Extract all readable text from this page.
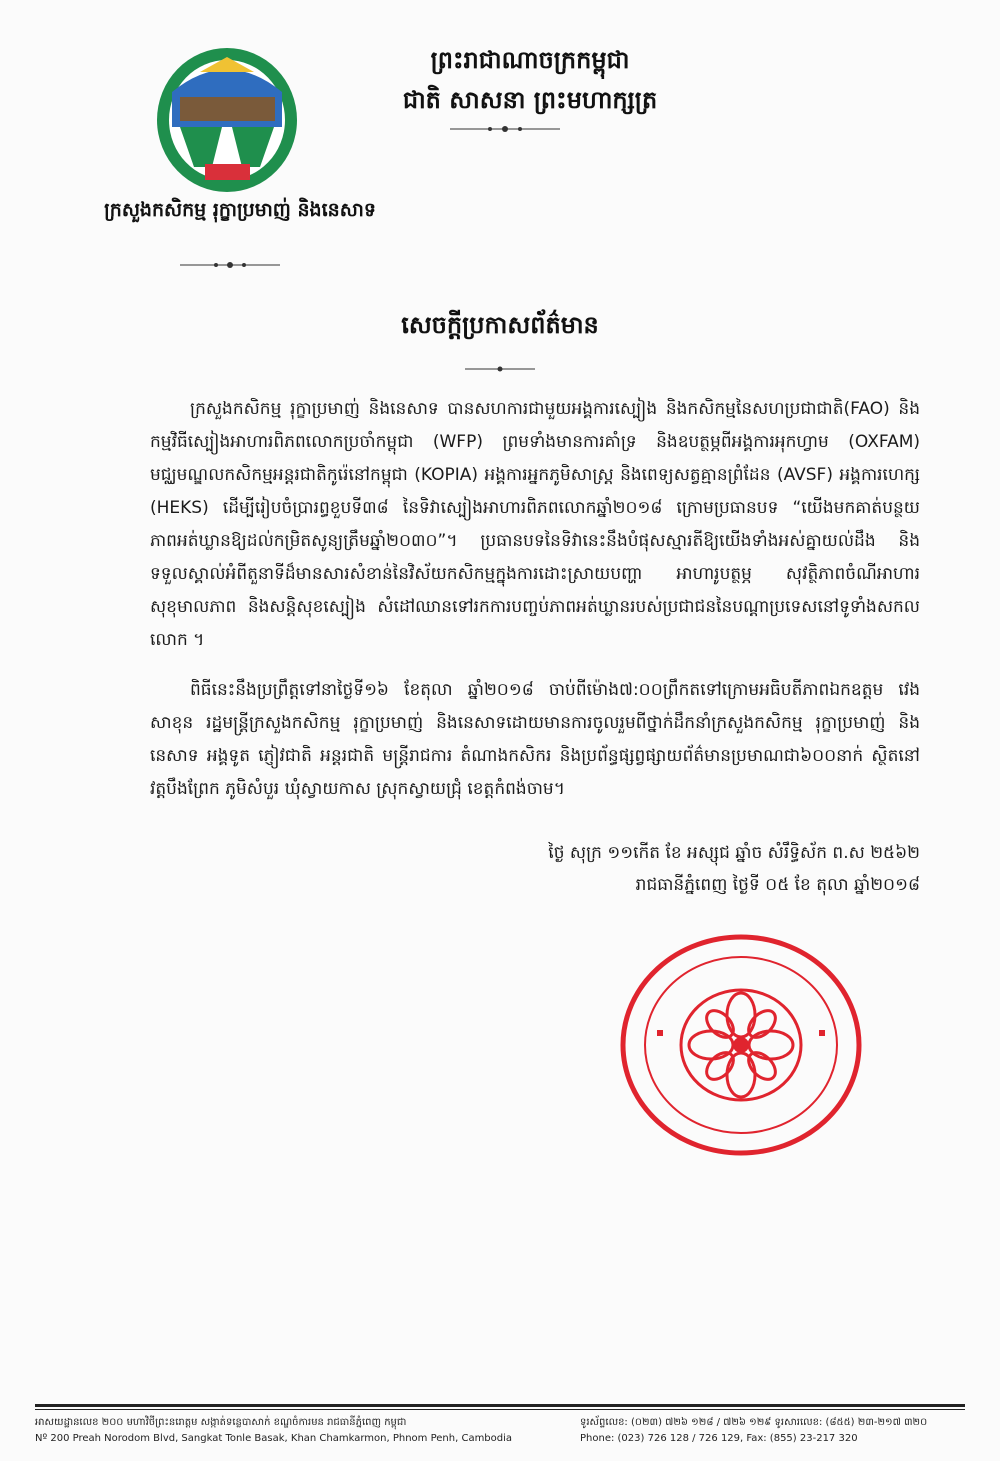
ព្រះរាជាណាចក្រកម្ពុជា
ជាតិ សាសនា ព្រះមហាក្សត្រ
ក្រសួងកសិកម្ម រុក្ខាប្រមាញ់ និងនេសាទ
សេចក្តីប្រកាសព័ត៌មាន
ក្រសួងកសិកម្ម រុក្ខាប្រមាញ់ និងនេសាទ បានសហការជាមួយអង្គការស្បៀង និងកសិកម្មនៃសហប្រជាជាតិ(FAO) និងកម្មវិធីស្បៀងអាហារពិភពលោកប្រចាំកម្ពុជា (WFP) ព្រមទាំងមានការគាំទ្រ និងឧបត្ថម្ភពីអង្គការអុកហ្វាម (OXFAM) មជ្ឈមណ្ឌលកសិកម្មអន្តរជាតិកូរ៉េនៅកម្ពុជា (KOPIA) អង្គការអ្នកភូមិសាស្ត្រ និងពេទ្យសត្វគ្មានព្រំដែន (AVSF) អង្គការហេក្ស (HEKS) ដើម្បីរៀបចំប្រារព្ធខួបទី៣៨ នៃទិវាស្បៀងអាហារពិភពលោកឆ្នាំ២០១៨ ក្រោមប្រធានបទ “យើងមកគាត់បន្ថយភាពអត់ឃ្លានឱ្យដល់កម្រិតសូន្យត្រឹមឆ្នាំ២០៣០”។ ប្រធានបទនៃទិវានេះនឹងបំផុសស្មារតីឱ្យយើងទាំងអស់គ្នាយល់ដឹង និងទទួលស្គាល់អំពីតួនាទីដ៏មានសារសំខាន់នៃវិស័យកសិកម្មក្នុងការដោះស្រាយបញ្ហា អាហារូបត្ថម្ភ សុវត្ថិភាពចំណីអាហារ សុខុមាលភាព និងសន្តិសុខស្បៀង សំដៅឈានទៅរកការបញ្ចប់ភាពអត់ឃ្លានរបស់ប្រជាជននៃបណ្តាប្រទេសនៅទូទាំងសកលលោក ។
ពិធីនេះនឹងប្រព្រឹត្តទៅនាថ្ងៃទី១៦ ខែតុលា ឆ្នាំ២០១៨ ចាប់ពីម៉ោង៧:០០ព្រឹកតទៅក្រោមអធិបតីភាពឯកឧត្តម វេង សាខុន រដ្ឋមន្ត្រីក្រសួងកសិកម្ម រុក្ខាប្រមាញ់ និងនេសាទដោយមានការចូលរួមពីថ្នាក់ដឹកនាំក្រសួងកសិកម្ម រុក្ខាប្រមាញ់ និងនេសាទ អង្គទូត ភ្ញៀវជាតិ អន្តរជាតិ មន្ត្រីរាជការ តំណាងកសិករ និងប្រព័ន្ធផ្សព្វផ្សាយព័ត៌មានប្រមាណជា៦០០នាក់ ស្ថិតនៅវត្តបឹងព្រែក ភូមិសំបួរ ឃុំស្វាយកាស ស្រុកស្វាយជ្រុំ ខេត្តកំពង់ចាម។
ថ្ងៃ សុក្រ ១១កើត ខែ អស្សុជ ឆ្នាំច សំរឹទ្ធិស័ក ព.ស ២៥៦២
រាជធានីភ្នំពេញ ថ្ងៃទី ០៥ ខែ តុលា ឆ្នាំ២០១៨
អាសយដ្ឋានលេខ ២០០ មហាវិថីព្រះនរោត្តម សង្កាត់ទន្លេបាសាក់ ខណ្ឌចំការមន រាជធានីភ្នំពេញ កម្ពុជា
Nº 200 Preah Norodom Blvd, Sangkat Tonle Basak, Khan Chamkarmon, Phnom Penh, Cambodia
ទូរស័ព្ទលេខ: (០២៣) ៧២៦ ១២៨ / ៧២៦ ១២៩ ទូរសារលេខ: (៨៥៥) ២៣-២១៧ ៣២០
Phone: (023) 726 128 / 726 129, Fax: (855) 23-217 320
